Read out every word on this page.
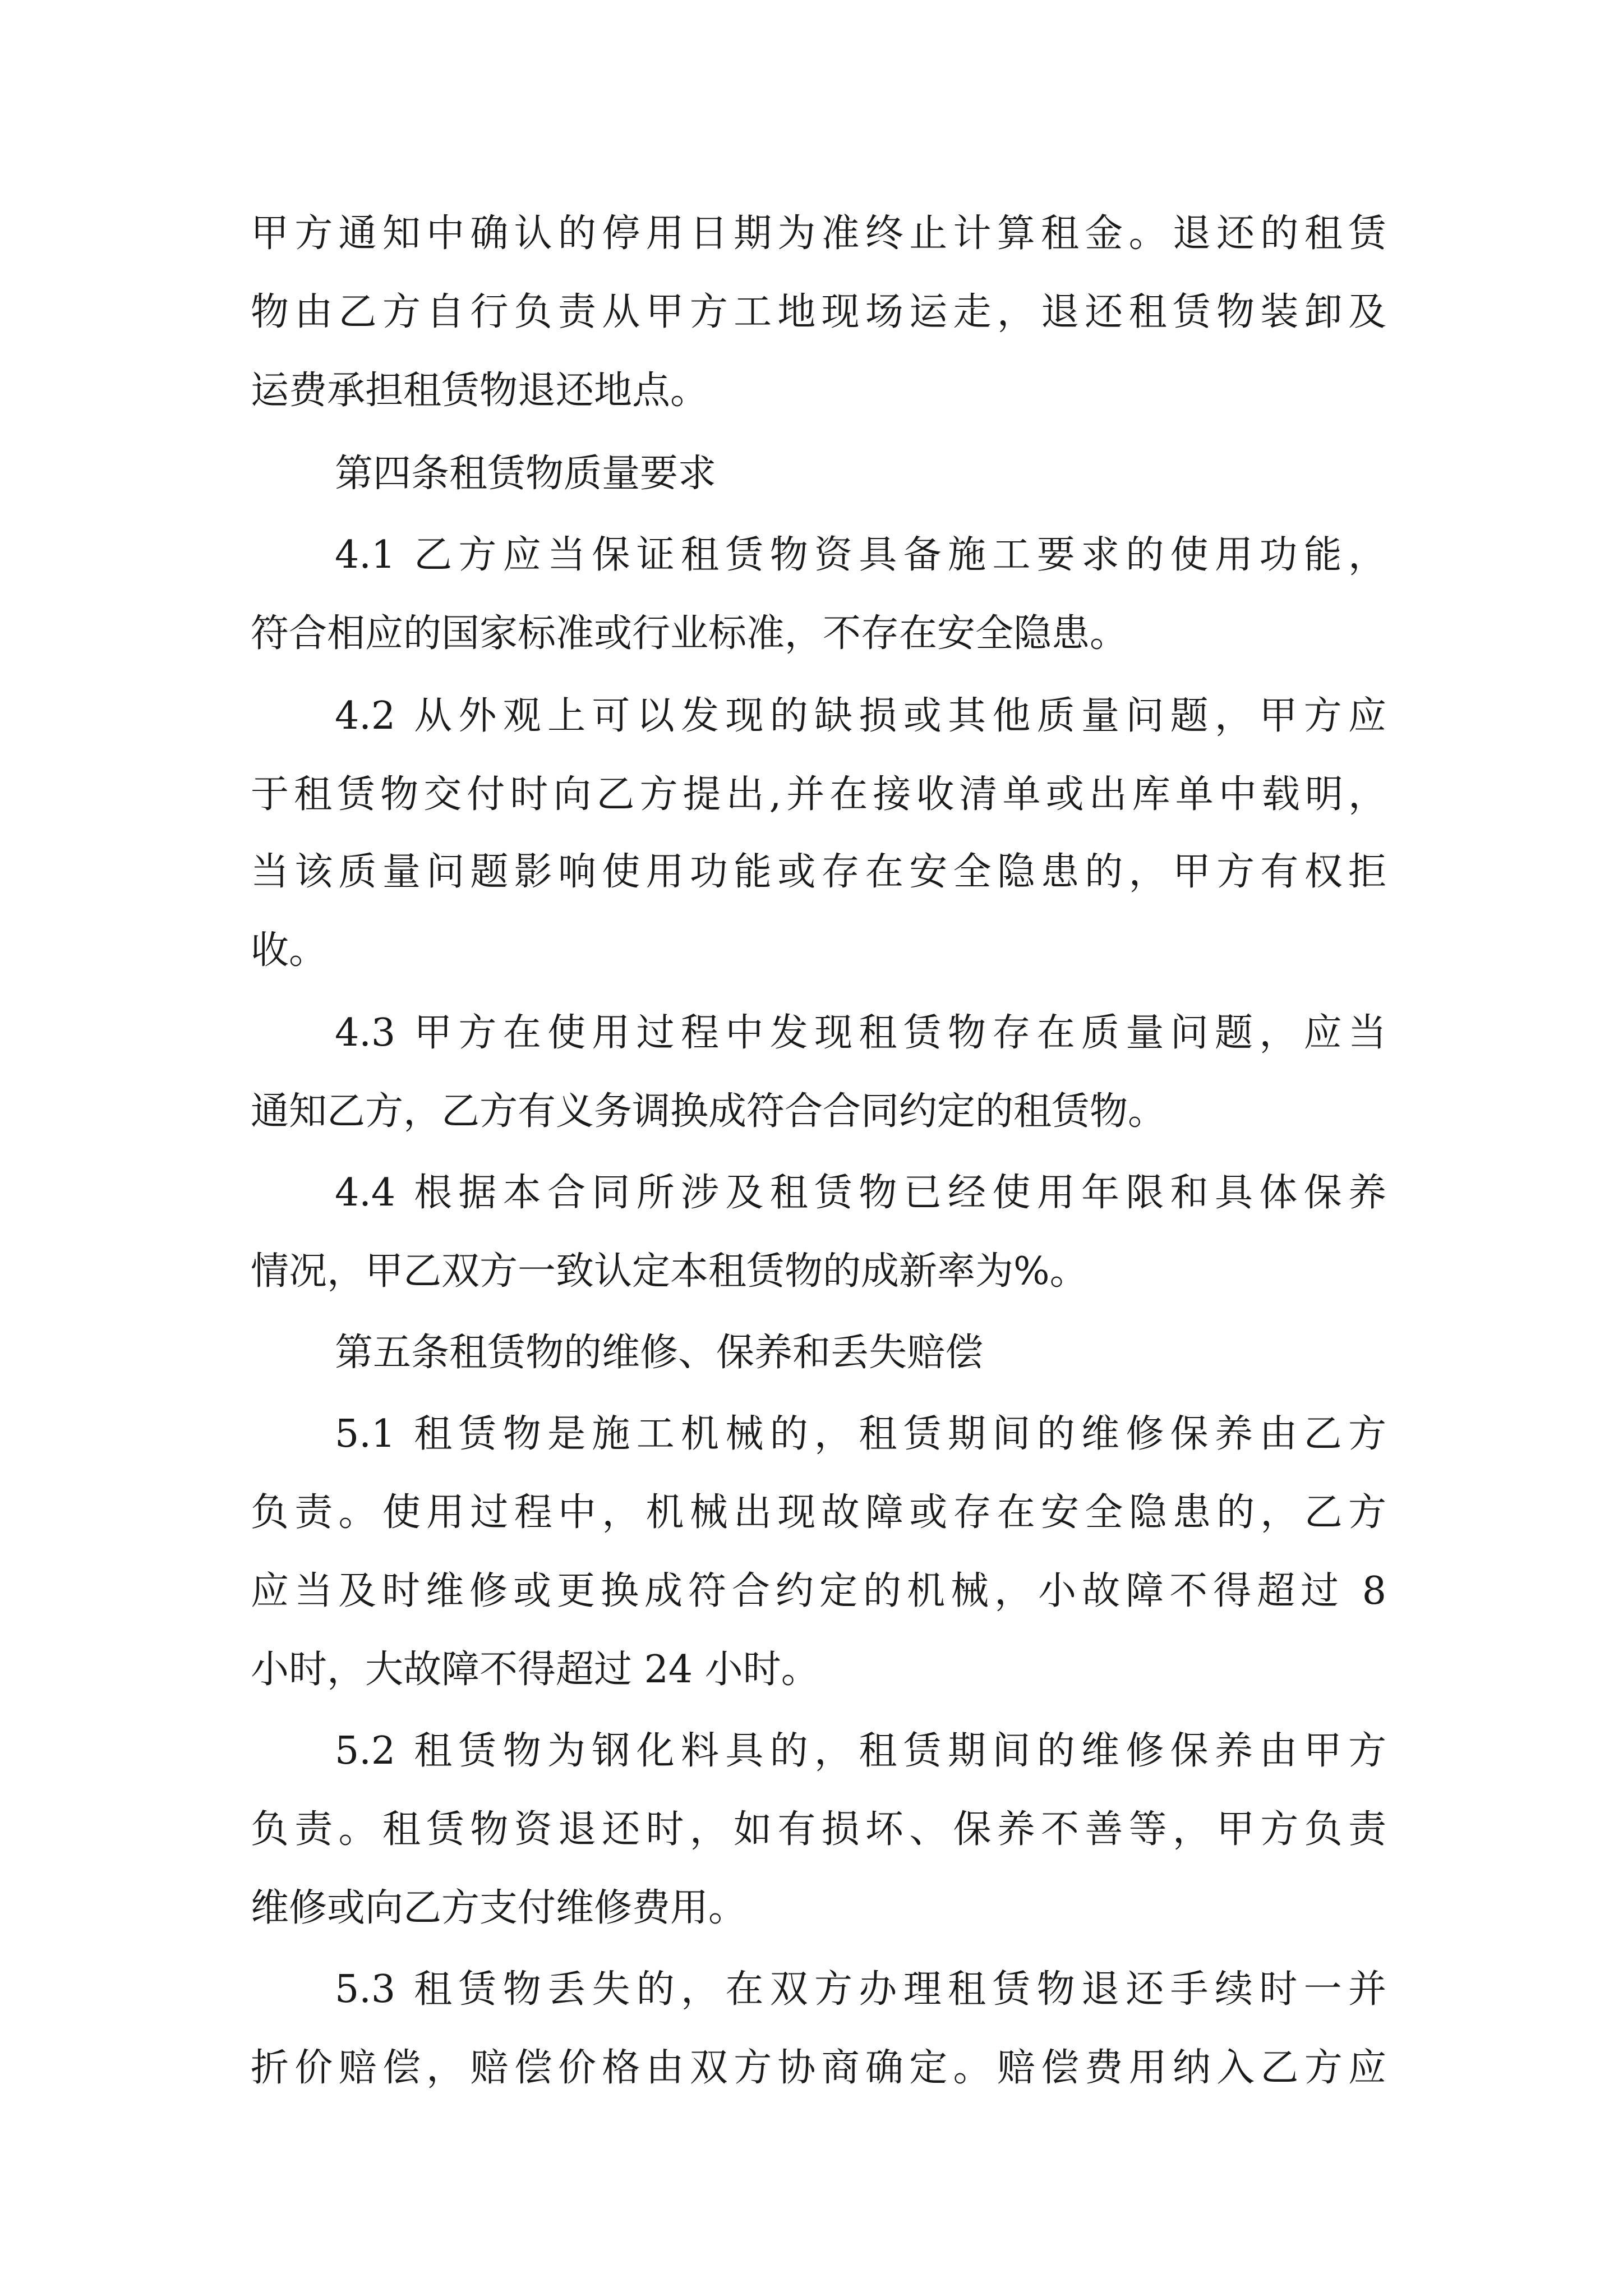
甲方通知中确认的停用日期为准终止计算租金。退还的租赁
物由乙方自行负责从甲方工地现场运走，退还租赁物装卸及
运费承担租赁物退还地点。
第四条租赁物质量要求
4.1 乙方应当保证租赁物资具备施工要求的使用功能，
符合相应的国家标准或行业标准，不存在安全隐患。
4.2 从外观上可以发现的缺损或其他质量问题，甲方应
于租赁物交付时向乙方提出,并在接收清单或出库单中载明，
当该质量问题影响使用功能或存在安全隐患的，甲方有权拒
收。
4.3 甲方在使用过程中发现租赁物存在质量问题，应当
通知乙方，乙方有义务调换成符合合同约定的租赁物。
4.4 根据本合同所涉及租赁物已经使用年限和具体保养
情况，甲乙双方一致认定本租赁物的成新率为%。
第五条租赁物的维修、保养和丢失赔偿
5.1 租赁物是施工机械的，租赁期间的维修保养由乙方
负责。使用过程中，机械出现故障或存在安全隐患的，乙方
应当及时维修或更换成符合约定的机械，小故障不得超过 8
小时，大故障不得超过 24 小时。
5.2 租赁物为钢化料具的，租赁期间的维修保养由甲方
负责。租赁物资退还时，如有损坏、保养不善等，甲方负责
维修或向乙方支付维修费用。
5.3 租赁物丢失的，在双方办理租赁物退还手续时一并
折价赔偿，赔偿价格由双方协商确定。赔偿费用纳入乙方应
